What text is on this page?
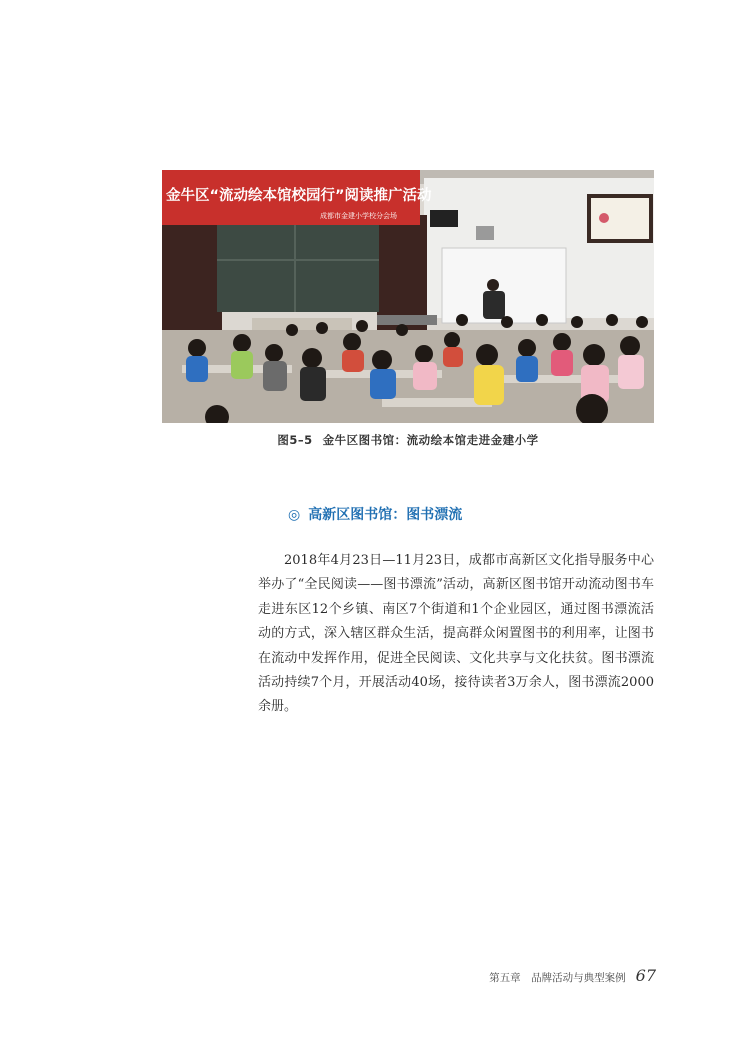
金牛区“流动绘本馆校园行”阅读推广活动
成都市金建小学校分会场
图5–5 金牛区图书馆：流动绘本馆走进金建小学
◎ 高新区图书馆：图书漂流

2018年4月23日—11月23日，成都市高新区文化指导服务中心举办了“全民阅读——图书漂流”活动，高新区图书馆开动流动图书车走进东区12个乡镇、南区7个街道和1个企业园区，通过图书漂流活动的方式，深入辖区群众生活，提高群众闲置图书的利用率，让图书在流动中发挥作用，促进全民阅读、文化共享与文化扶贫。图书漂流活动持续7个月，开展活动40场，接待读者3万余人，图书漂流2000余册。

第五章　品牌活动与典型案例 67
